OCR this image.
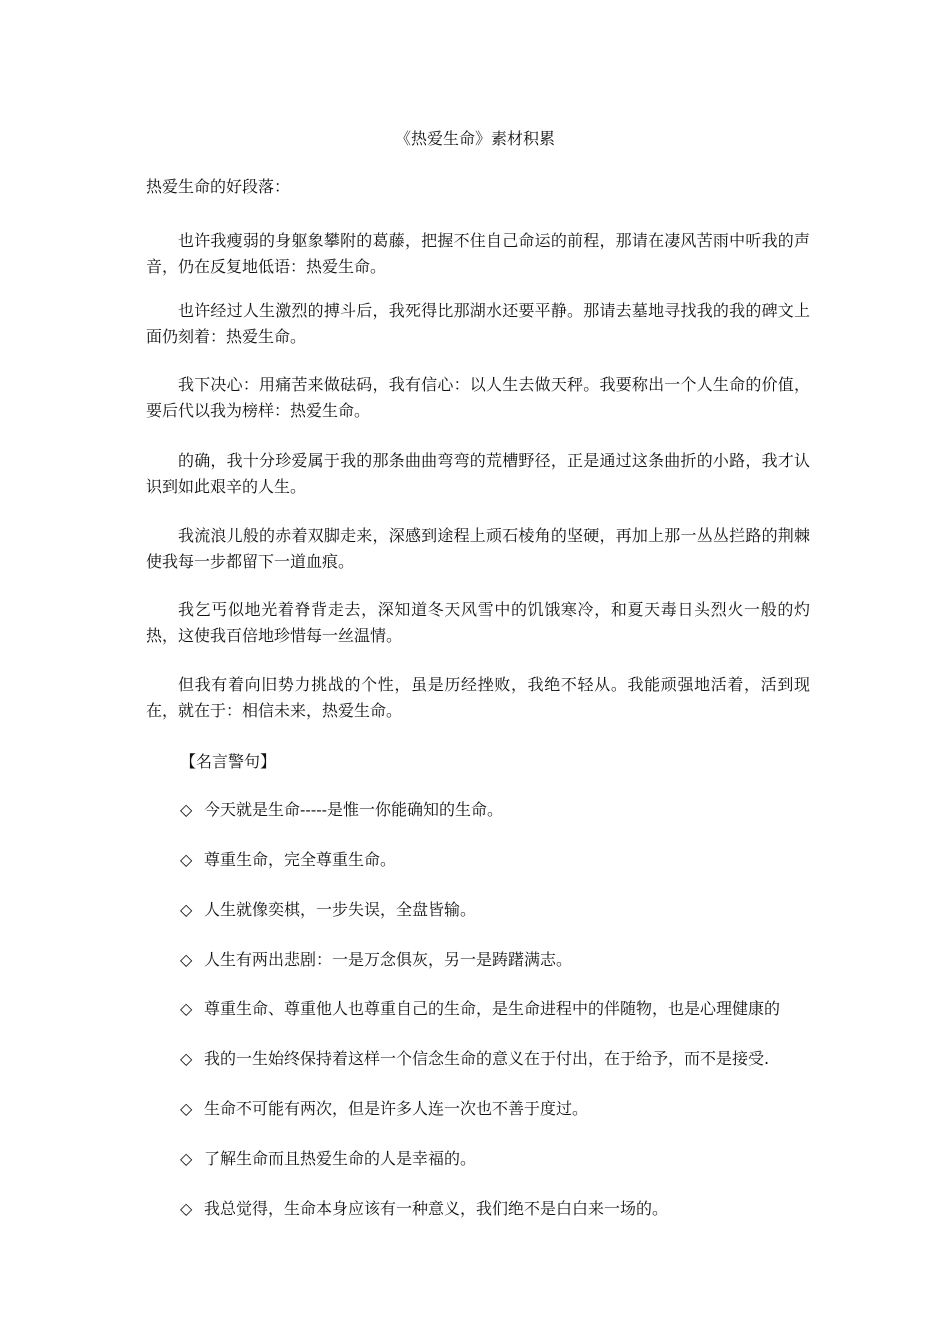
《热爱生命》素材积累
热爱生命的好段落：
也许我瘦弱的身躯象攀附的葛藤，把握不住自己命运的前程，那请在凄风苦雨中听我的声音，仍在反复地低语：热爱生命。
也许经过人生激烈的搏斗后，我死得比那湖水还要平静。那请去墓地寻找我的我的碑文上面仍刻着：热爱生命。
我下决心：用痛苦来做砝码，我有信心：以人生去做天秤。我要称出一个人生命的价值，要后代以我为榜样：热爱生命。
的确，我十分珍爱属于我的那条曲曲弯弯的荒槽野径，正是通过这条曲折的小路，我才认识到如此艰辛的人生。
我流浪儿般的赤着双脚走来，深感到途程上顽石棱角的坚硬，再加上那一丛丛拦路的荆棘使我每一步都留下一道血痕。
我乞丐似地光着脊背走去，深知道冬天风雪中的饥饿寒冷，和夏天毒日头烈火一般的灼热，这使我百倍地珍惜每一丝温情。
但我有着向旧势力挑战的个性，虽是历经挫败，我绝不轻从。我能顽强地活着，活到现在，就在于：相信未来，热爱生命。
【名言警句】
◇ 今天就是生命-----是惟一你能确知的生命。
◇ 尊重生命，完全尊重生命。
◇ 人生就像奕棋，一步失误，全盘皆输。
◇ 人生有两出悲剧：一是万念俱灰，另一是踌躇满志。
◇ 尊重生命、尊重他人也尊重自己的生命，是生命进程中的伴随物，也是心理健康的
◇ 我的一生始终保持着这样一个信念生命的意义在于付出，在于给予，而不是接受.
◇ 生命不可能有两次，但是许多人连一次也不善于度过。
◇ 了解生命而且热爱生命的人是幸福的。
◇ 我总觉得，生命本身应该有一种意义，我们绝不是白白来一场的。
